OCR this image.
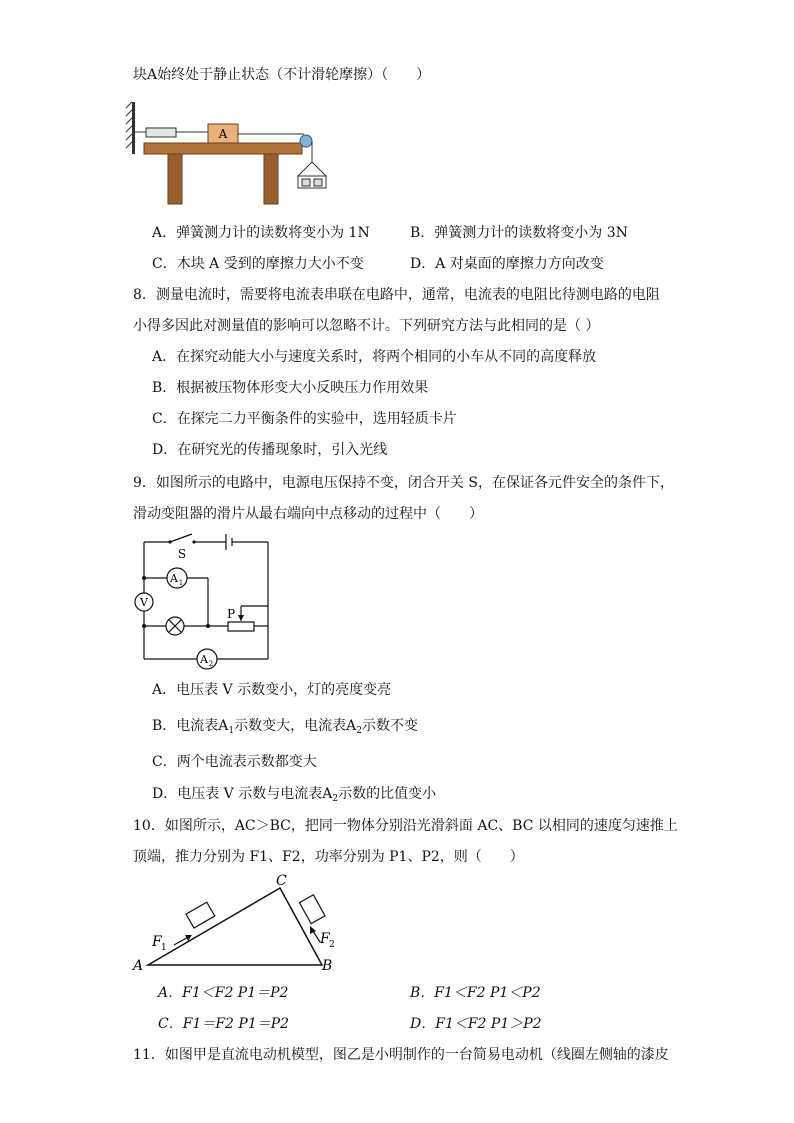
块A始终处于静止状态（不计滑轮摩擦）（　　）
A
A．弹簧测力计的读数将变小为 1N	B．弹簧测力计的读数将变小为 3N
C．木块 A 受到的摩擦力大小不变	D．A 对桌面的摩擦力方向改变
8．测量电流时，需要将电流表串联在电路中，通常，电流表的电阻比待测电路的电阻
小得多因此对测量值的影响可以忽略不计。下列研究方法与此相同的是（ ）
A．在探究动能大小与速度关系时，将两个相同的小车从不同的高度释放
B．根据被压物体形变大小反映压力作用效果
C．在探完二力平衡条件的实验中，选用轻质卡片
D．在研究光的传播现象时，引入光线
9．如图所示的电路中，电源电压保持不变，闭合开关 S，在保证各元件安全的条件下，
滑动变阻器的滑片从最右端向中点移动的过程中（　　）
A 1
V
A 2
S
P
A．电压表 V 示数变小，灯的亮度变亮
B．电流表$A_1$示数变大，电流表$A_2$示数不变
C．两个电流表示数都变大
D．电压表 V 示数与电流表$A_2$示数的比值变小
10．如图所示，AC＞BC，把同一物体分别沿光滑斜面 AC、BC 以相同的速度匀速推上
顶端，推力分别为 F1、F2，功率分别为 P1、P2，则（　　）
C
A	B
F 1
F 2
A．F1＜F2 P1＝P2	B．F1＜F2 P1＜P2
C．F1＝F2 P1＝P2	D．F1＜F2 P1＞P2
11．如图甲是直流电动机模型，图乙是小明制作的一台简易电动机（线圈左侧轴的漆皮
